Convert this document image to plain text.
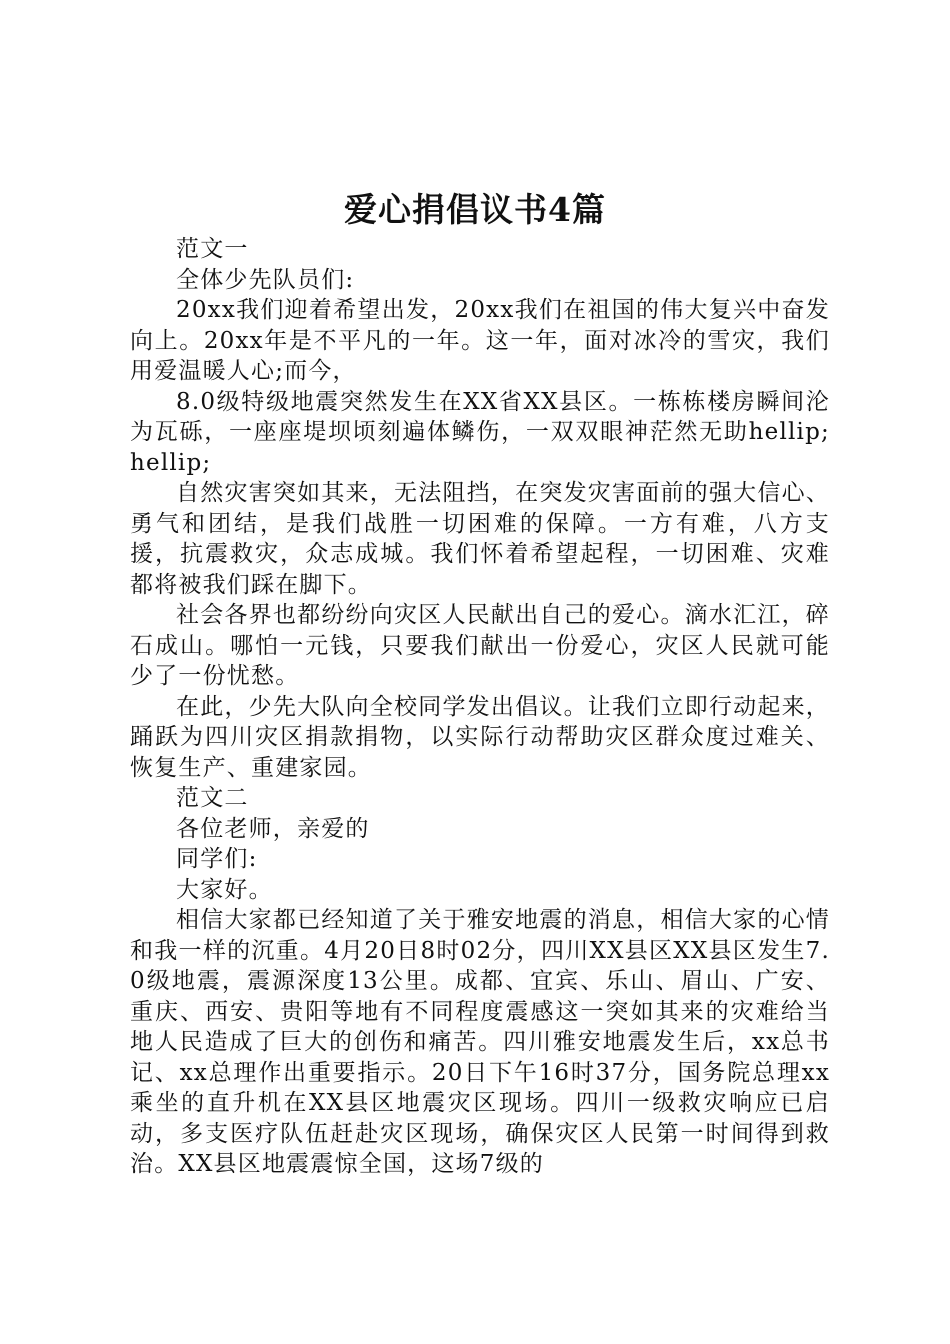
爱心捐倡议书4篇

范文一

全体少先队员们:

20xx我们迎着希望出发，20xx我们在祖国的伟大复兴中奋发向上。20xx年是不平凡的一年。这一年，面对冰冷的雪灾，我们用爱温暖人心;而今，

8.0级特级地震突然发生在XX省XX县区。一栋栋楼房瞬间沦为瓦砾，一座座堤坝顷刻遍体鳞伤，一双双眼神茫然无助hellip;hellip;

自然灾害突如其来，无法阻挡，在突发灾害面前的强大信心、勇气和团结，是我们战胜一切困难的保障。一方有难，八方支援，抗震救灾，众志成城。我们怀着希望起程，一切困难、灾难都将被我们踩在脚下。

社会各界也都纷纷向灾区人民献出自己的爱心。滴水汇江，碎石成山。哪怕一元钱，只要我们献出一份爱心，灾区人民就可能少了一份忧愁。

在此，少先大队向全校同学发出倡议。让我们立即行动起来，踊跃为四川灾区捐款捐物，以实际行动帮助灾区群众度过难关、恢复生产、重建家园。

范文二

各位老师，亲爱的

同学们:

大家好。

相信大家都已经知道了关于雅安地震的消息，相信大家的心情和我一样的沉重。4月20日8时02分，四川XX县区XX县区发生7.0级地震，震源深度13公里。成都、宜宾、乐山、眉山、广安、重庆、西安、贵阳等地有不同程度震感这一突如其来的灾难给当地人民造成了巨大的创伤和痛苦。四川雅安地震发生后，xx总书记、xx总理作出重要指示。20日下午16时37分，国务院总理xx乘坐的直升机在XX县区地震灾区现场。四川一级救灾响应已启动，多支医疗队伍赶赴灾区现场，确保灾区人民第一时间得到救治。XX县区地震震惊全国，这场7级的
